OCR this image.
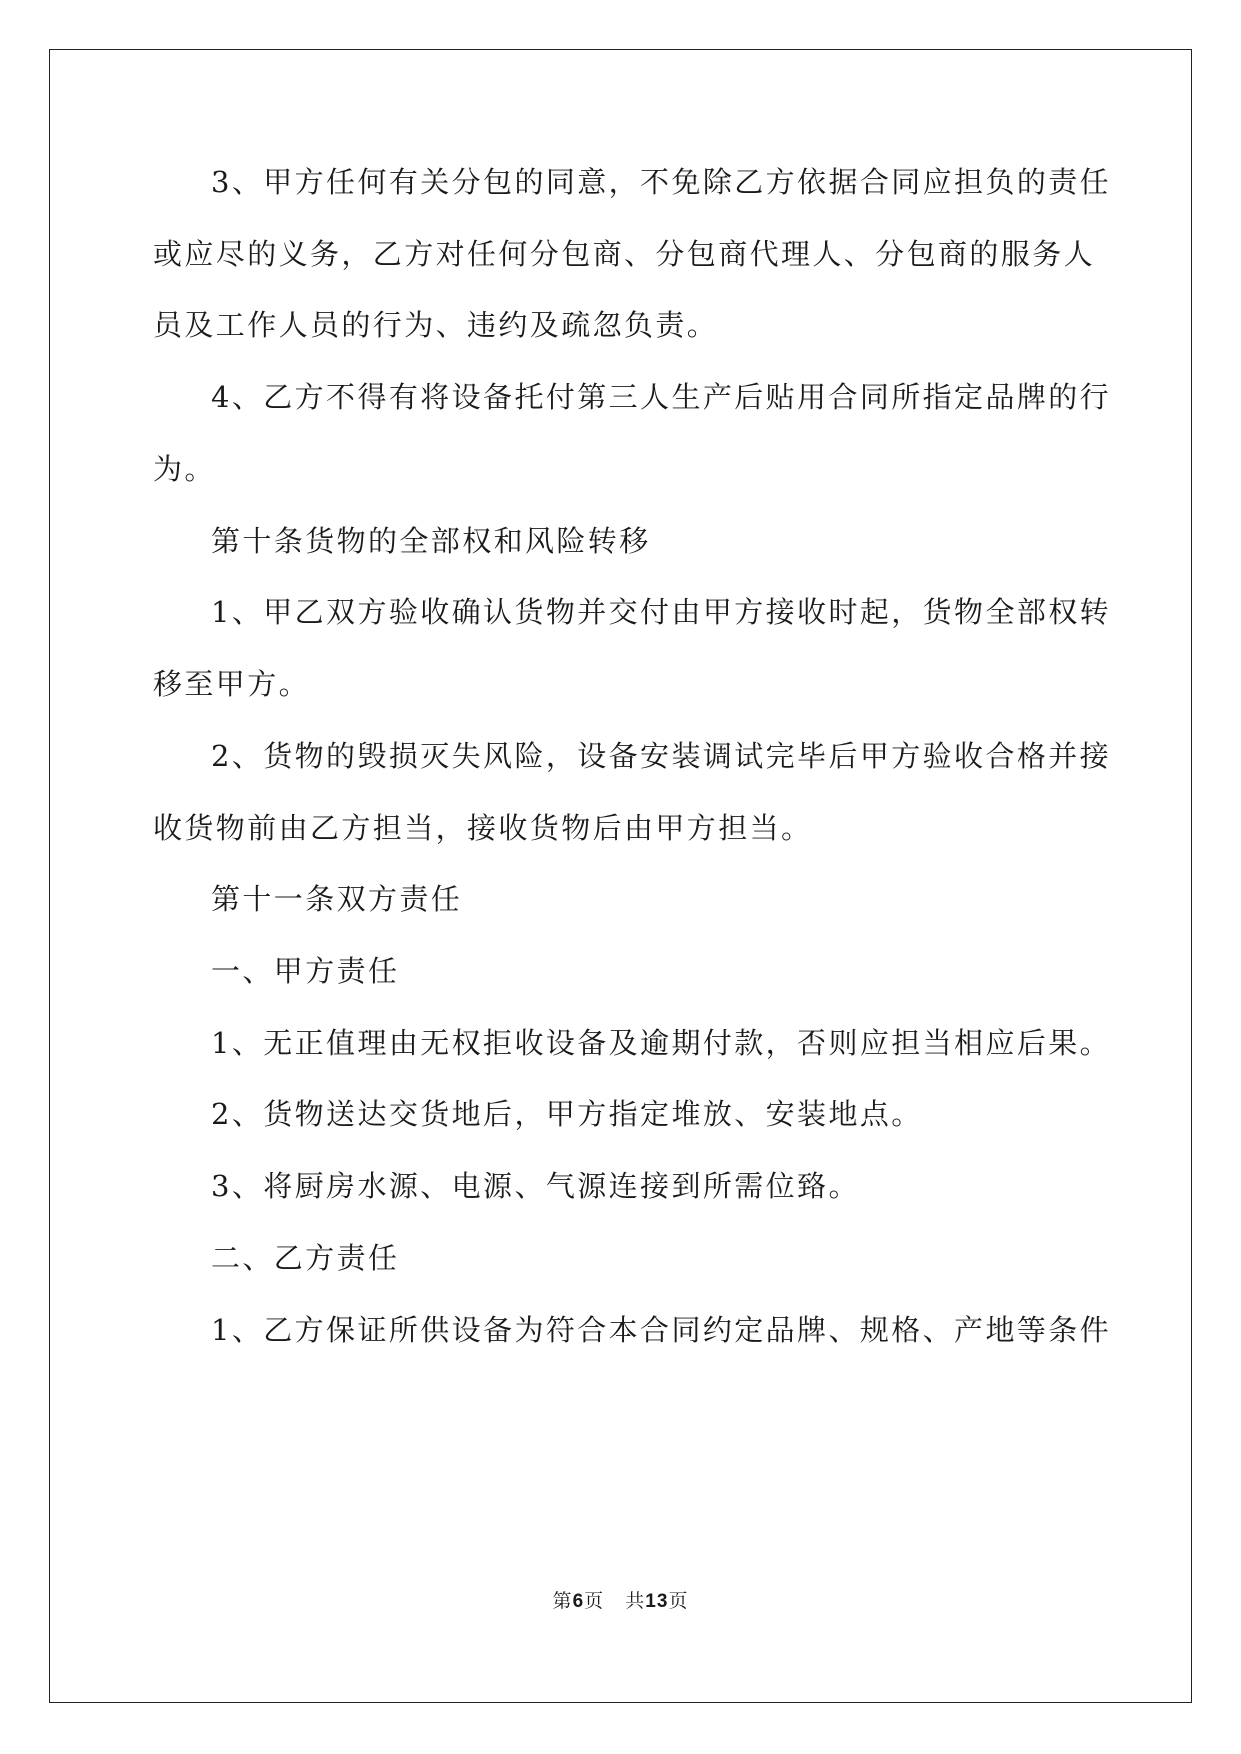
3、甲方任何有关分包的同意，不免除乙方依据合同应担负的责任
或应尽的义务，乙方对任何分包商、分包商代理人、分包商的服务人
员及工作人员的行为、违约及疏忽负责。
4、乙方不得有将设备托付第三人生产后贴用合同所指定品牌的行
为。
第十条货物的全部权和风险转移
1、甲乙双方验收确认货物并交付由甲方接收时起，货物全部权转
移至甲方。
2、货物的毁损灭失风险，设备安装调试完毕后甲方验收合格并接
收货物前由乙方担当，接收货物后由甲方担当。
第十一条双方责任
一、甲方责任
1、无正值理由无权拒收设备及逾期付款，否则应担当相应后果。
2、货物送达交货地后，甲方指定堆放、安装地点。
3、将厨房水源、电源、气源连接到所需位臵。
二、乙方责任
1、乙方保证所供设备为符合本合同约定品牌、规格、产地等条件
第6页 共13页
